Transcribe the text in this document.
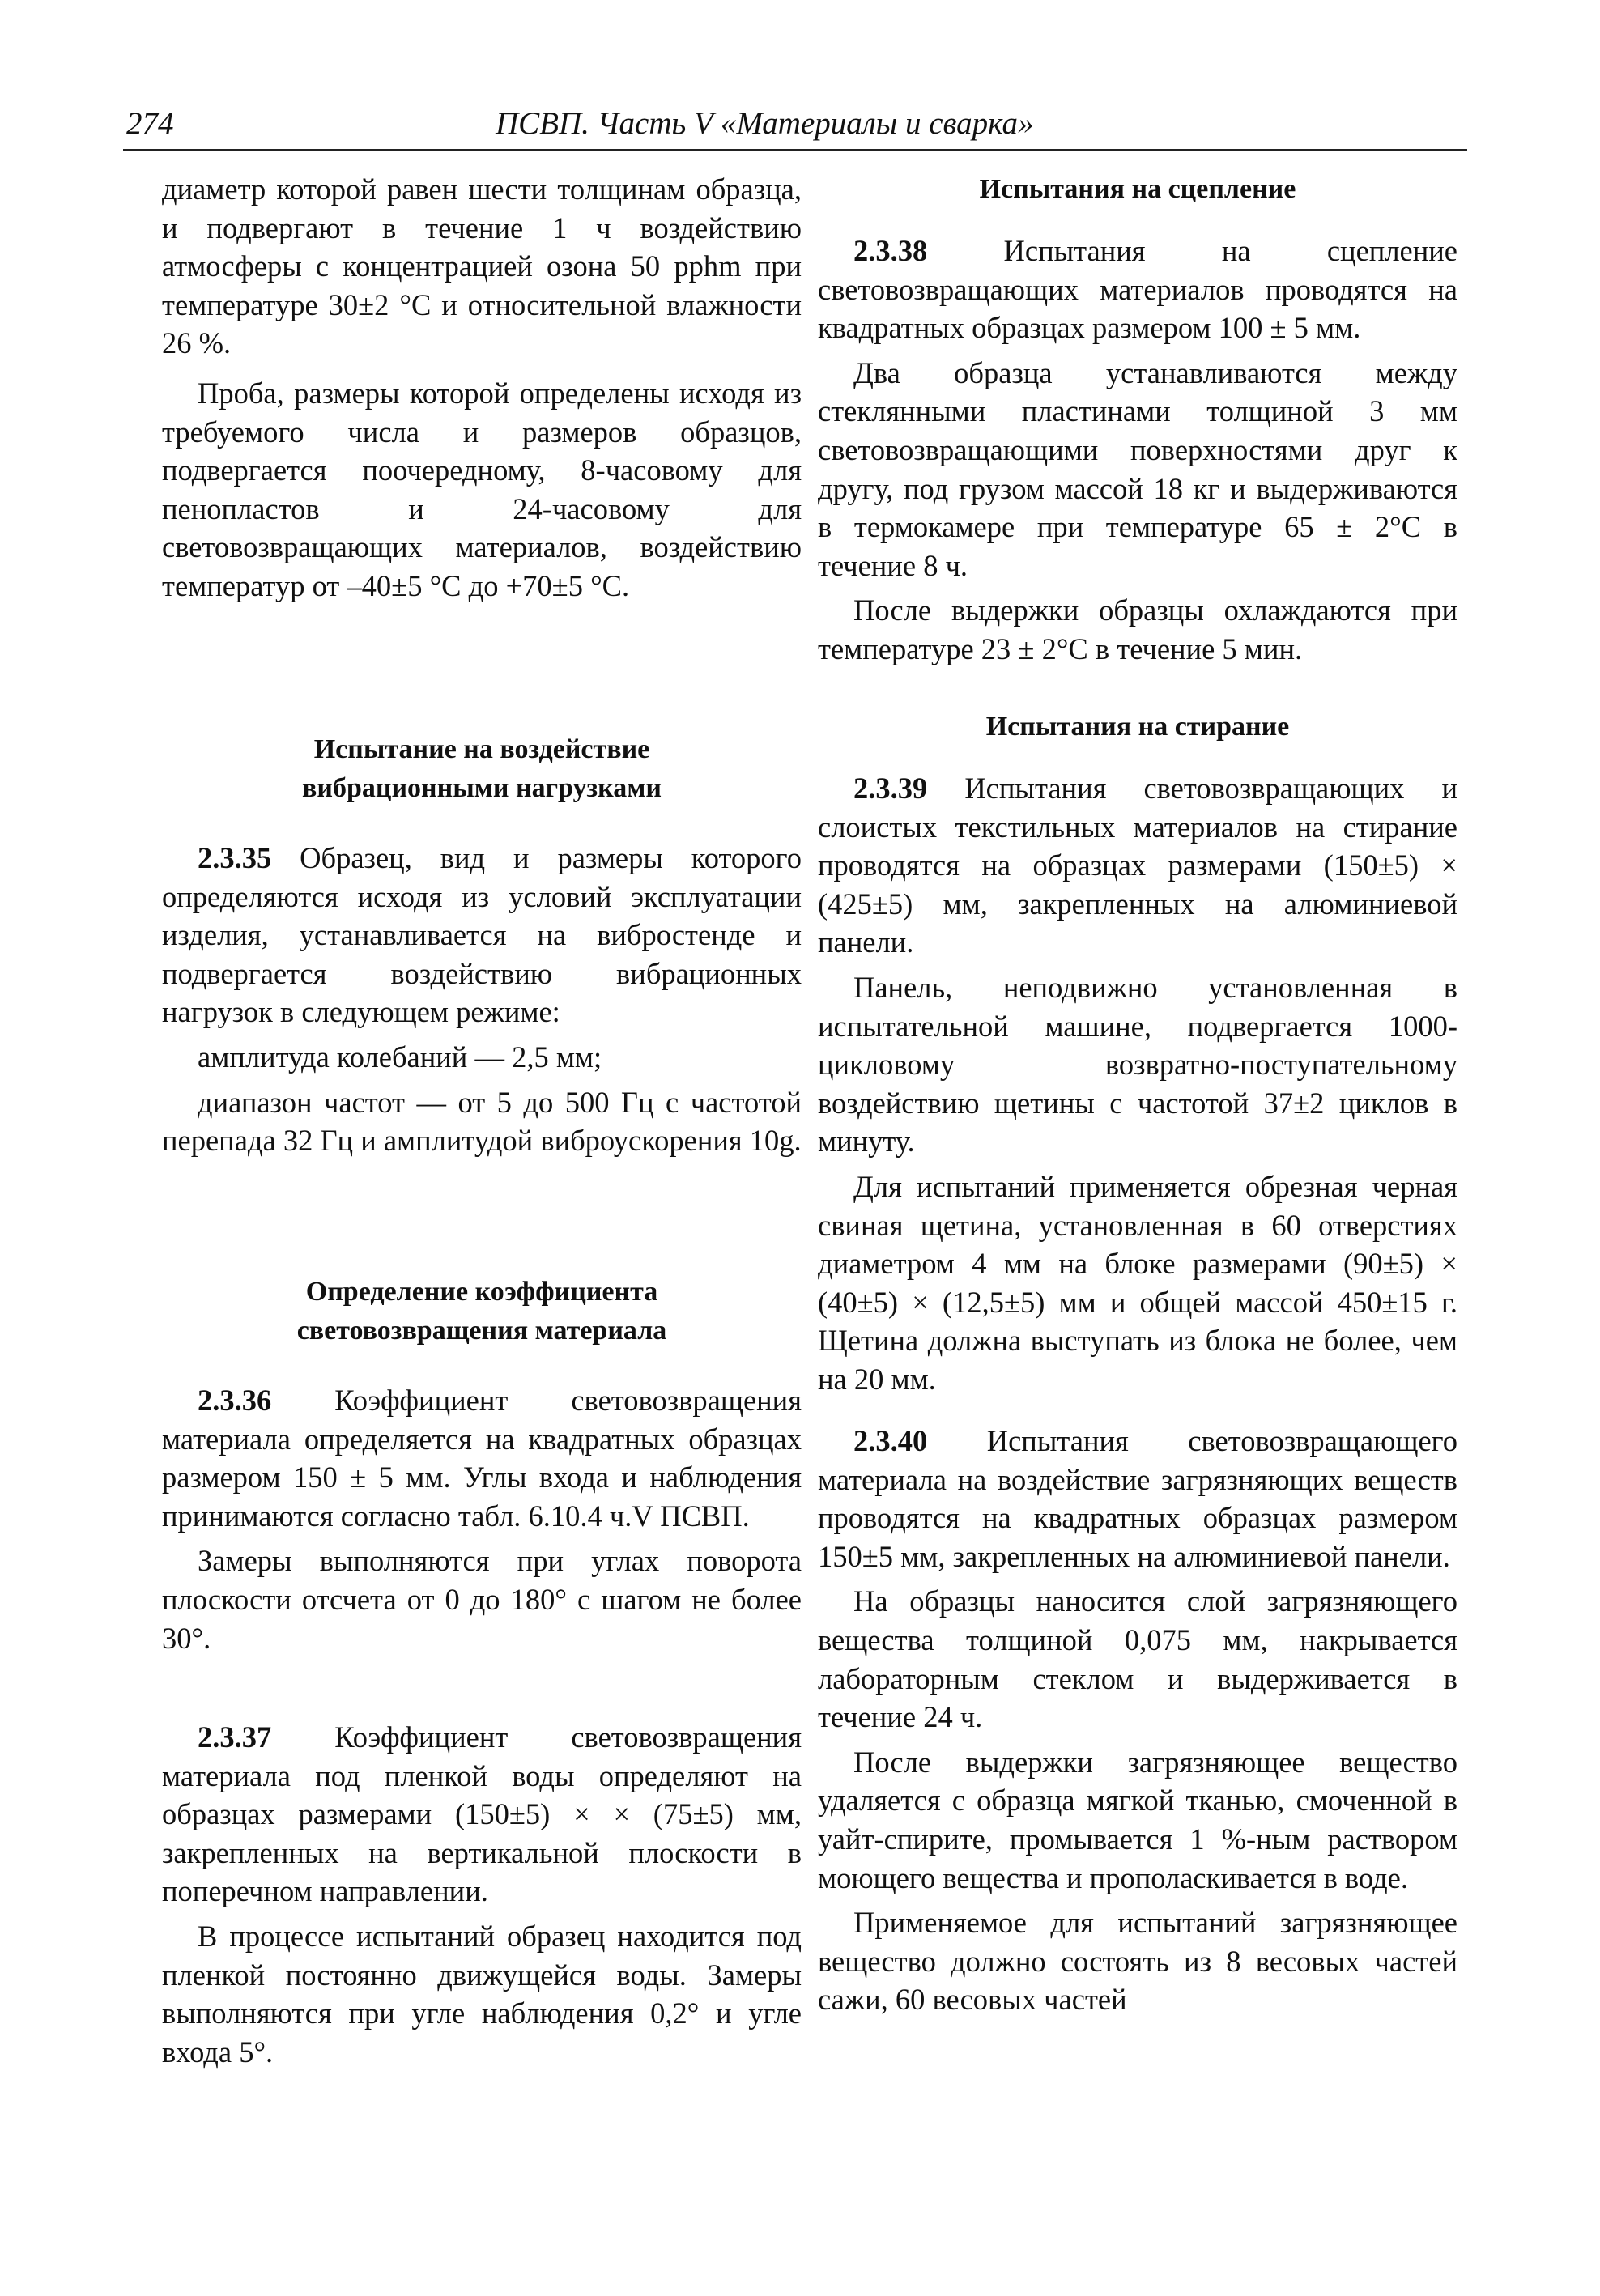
274	ПСВП. Часть V «Материалы и сварка»

диаметр которой равен шести толщинам образца, и подвергают в течение 1 ч воздействию атмосферы с концентрацией озона 50 pphm при температуре 30±2 °С и относительной влажности 26 %.

Проба, размеры которой определены исходя из требуемого числа и размеров образцов, подвергается поочередному, 8-часовому для пенопластов и 24-часовому для световозвращающих материалов, воздействию температур от –40±5 °С до +70±5 °С.

Испытание на воздействие
вибрационными нагрузками

2.3.35 Образец, вид и размеры которого определяются исходя из условий эксплуатации изделия, устанавливается на вибростенде и подвергается воздействию вибрационных нагрузок в следующем режиме:

амплитуда колебаний — 2,5 мм;

диапазон частот — от 5 до 500 Гц с частотой перепада 32 Гц и амплитудой виброускорения 10g.

Определение коэффициента
световозвращения материала

2.3.36 Коэффициент световозвращения материала определяется на квадратных образцах размером 150 ± 5 мм. Углы входа и наблюдения принимаются согласно табл. 6.10.4 ч.V ПСВП.

Замеры выполняются при углах поворота плоскости отсчета от 0 до 180° с шагом не более 30°.

2.3.37 Коэффициент световозвращения материала под пленкой воды определяют на образцах размерами (150±5) × × (75±5) мм, закрепленных на вертикальной плоскости в поперечном направлении.

В процессе испытаний образец находится под пленкой постоянно движущейся воды. Замеры выполняются при угле наблюдения 0,2° и угле входа 5°.

Испытания на сцепление

2.3.38	Испытания на сцепление световозвращающих материалов проводятся на квадратных образцах размером 100 ± 5 мм.

Два образца устанавливаются между стеклянными пластинами толщиной 3 мм световозвращающими поверхностями друг к другу, под грузом массой 18 кг и выдерживаются в термокамере при температуре 65 ± 2°С в течение 8 ч.

После выдержки образцы охлаждаются при температуре 23 ± 2°С в течение 5 мин.

Испытания на стирание

2.3.39 Испытания световозвращающих и слоистых текстильных материалов на стирание проводятся на образцах размерами (150±5) × (425±5) мм, закрепленных на алюминиевой панели.

Панель, неподвижно установленная в испытательной машине, подвергается 1000-цикловому возвратно-поступательному воздействию щетины с частотой 37±2 циклов в минуту.

Для испытаний применяется обрезная черная свиная щетина, установленная в 60 отверстиях диаметром 4 мм на блоке размерами (90±5) × (40±5) × (12,5±5) мм и общей массой 450±15 г. Щетина должна выступать из блока не более, чем на 20 мм.

2.3.40 Испытания световозвращающего материала на воздействие загрязняющих веществ проводятся на квадратных образцах размером 150±5 мм, закрепленных на алюминиевой панели.

На образцы наносится слой загрязняющего вещества толщиной 0,075 мм, накрывается лабораторным стеклом и выдерживается в течение 24 ч.

После выдержки загрязняющее вещество удаляется с образца мягкой тканью, смоченной в уайт-спирите, промывается 1 %-ным раствором моющего вещества и прополаскивается в воде.

Применяемое для испытаний загрязняющее вещество должно состоять из 8 весовых частей сажи, 60 весовых частей
